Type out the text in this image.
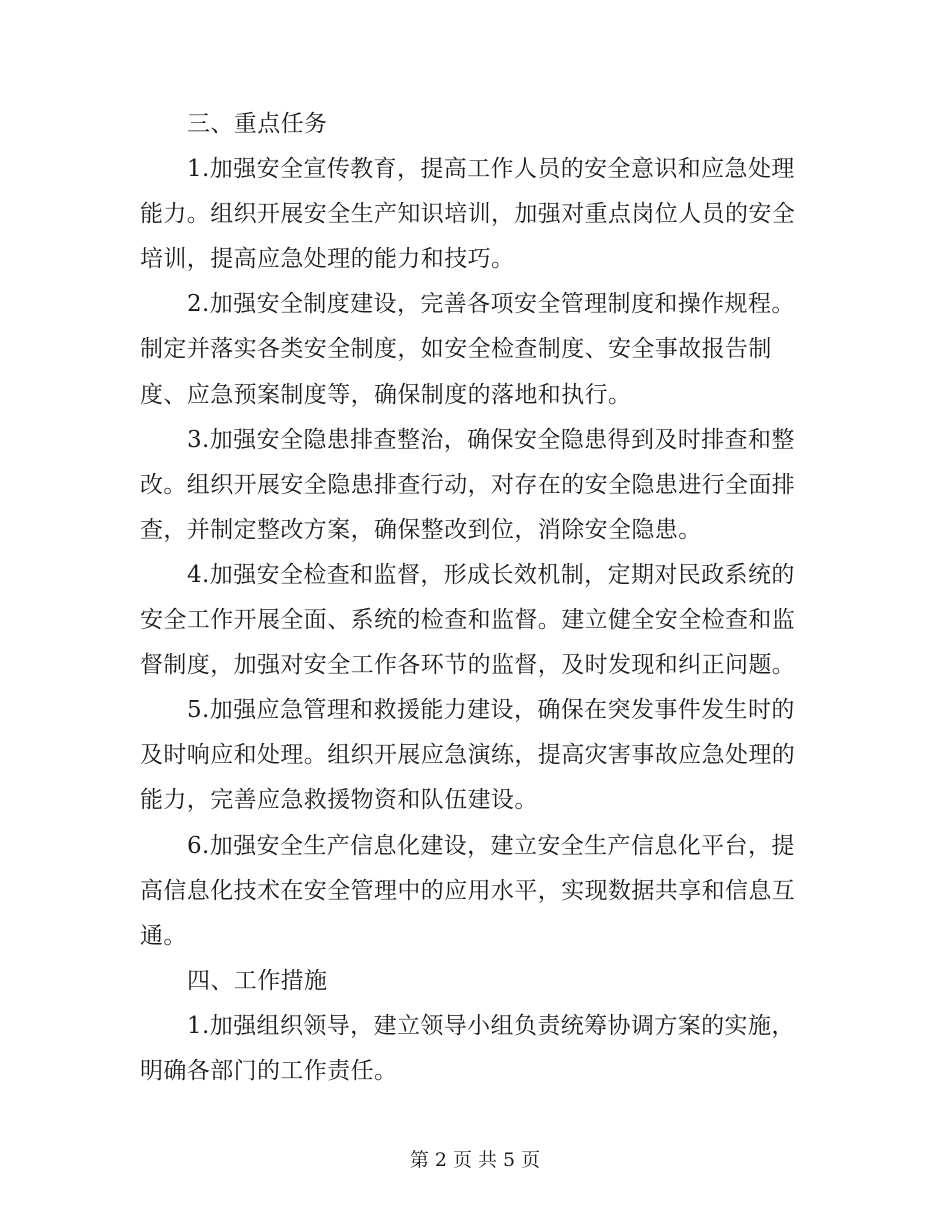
三、重点任务
1.加强安全宣传教育，提高工作人员的安全意识和应急处理
能力。组织开展安全生产知识培训，加强对重点岗位人员的安全
培训，提高应急处理的能力和技巧。
2.加强安全制度建设，完善各项安全管理制度和操作规程。
制定并落实各类安全制度，如安全检查制度、安全事故报告制
度、应急预案制度等，确保制度的落地和执行。
3.加强安全隐患排查整治，确保安全隐患得到及时排查和整
改。组织开展安全隐患排查行动，对存在的安全隐患进行全面排
查，并制定整改方案，确保整改到位，消除安全隐患。
4.加强安全检查和监督，形成长效机制，定期对民政系统的
安全工作开展全面、系统的检查和监督。建立健全安全检查和监
督制度，加强对安全工作各环节的监督，及时发现和纠正问题。
5.加强应急管理和救援能力建设，确保在突发事件发生时的
及时响应和处理。组织开展应急演练，提高灾害事故应急处理的
能力，完善应急救援物资和队伍建设。
6.加强安全生产信息化建设，建立安全生产信息化平台，提
高信息化技术在安全管理中的应用水平，实现数据共享和信息互
通。
四、工作措施
1.加强组织领导，建立领导小组负责统筹协调方案的实施，
明确各部门的工作责任。
第 2 页 共 5 页
